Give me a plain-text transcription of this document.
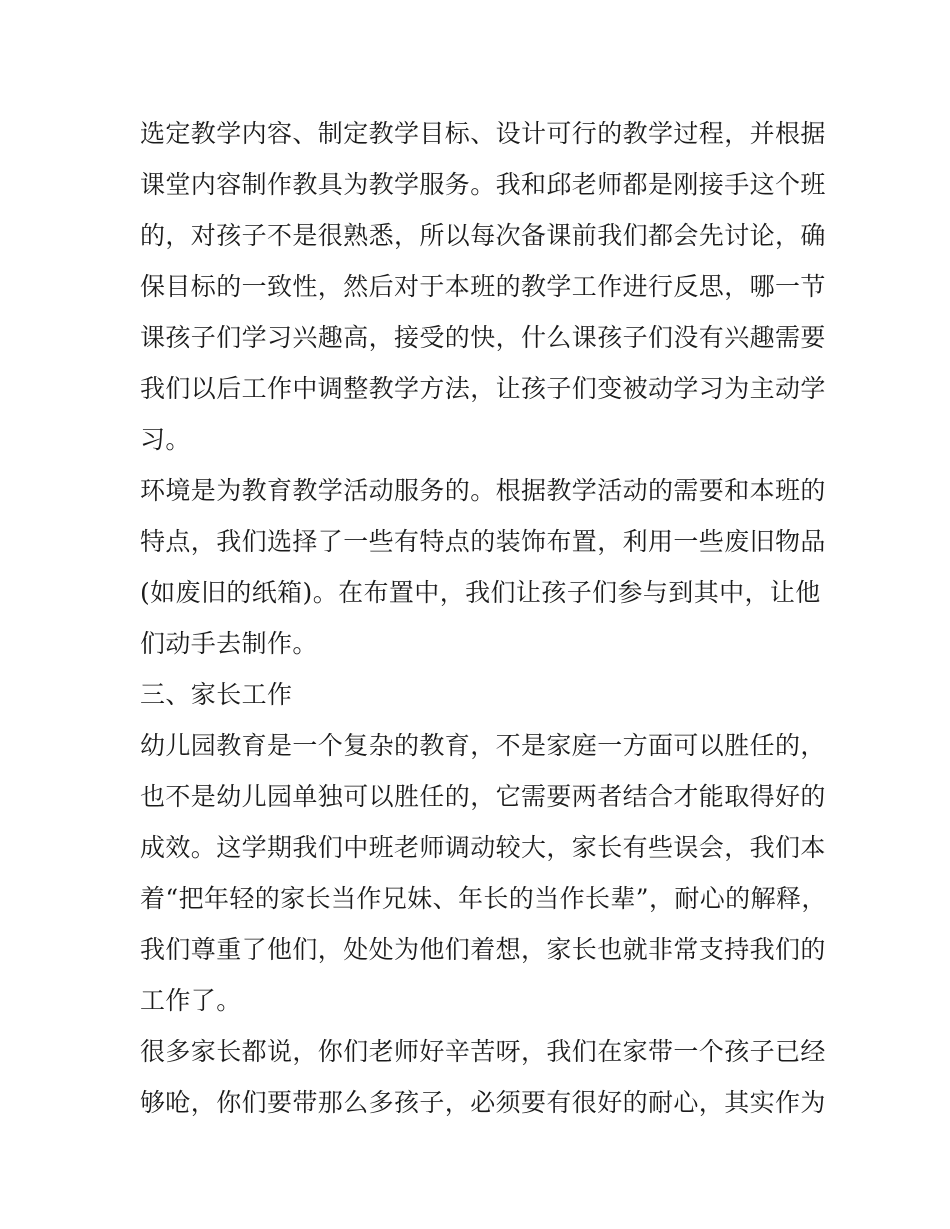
选定教学内容、制定教学目标、设计可行的教学过程，并根据
课堂内容制作教具为教学服务。我和邱老师都是刚接手这个班
的，对孩子不是很熟悉，所以每次备课前我们都会先讨论，确
保目标的一致性，然后对于本班的教学工作进行反思，哪一节
课孩子们学习兴趣高，接受的快，什么课孩子们没有兴趣需要
我们以后工作中调整教学方法，让孩子们变被动学习为主动学
习。
环境是为教育教学活动服务的。根据教学活动的需要和本班的
特点，我们选择了一些有特点的装饰布置，利用一些废旧物品
(如废旧的纸箱)。在布置中，我们让孩子们参与到其中，让他
们动手去制作。
三、家长工作
幼儿园教育是一个复杂的教育，不是家庭一方面可以胜任的，
也不是幼儿园单独可以胜任的，它需要两者结合才能取得好的
成效。这学期我们中班老师调动较大，家长有些误会，我们本
着“把年轻的家长当作兄妹、年长的当作长辈”，耐心的解释，
我们尊重了他们，处处为他们着想，家长也就非常支持我们的
工作了。
很多家长都说，你们老师好辛苦呀，我们在家带一个孩子已经
够呛，你们要带那么多孩子，必须要有很好的耐心，其实作为
